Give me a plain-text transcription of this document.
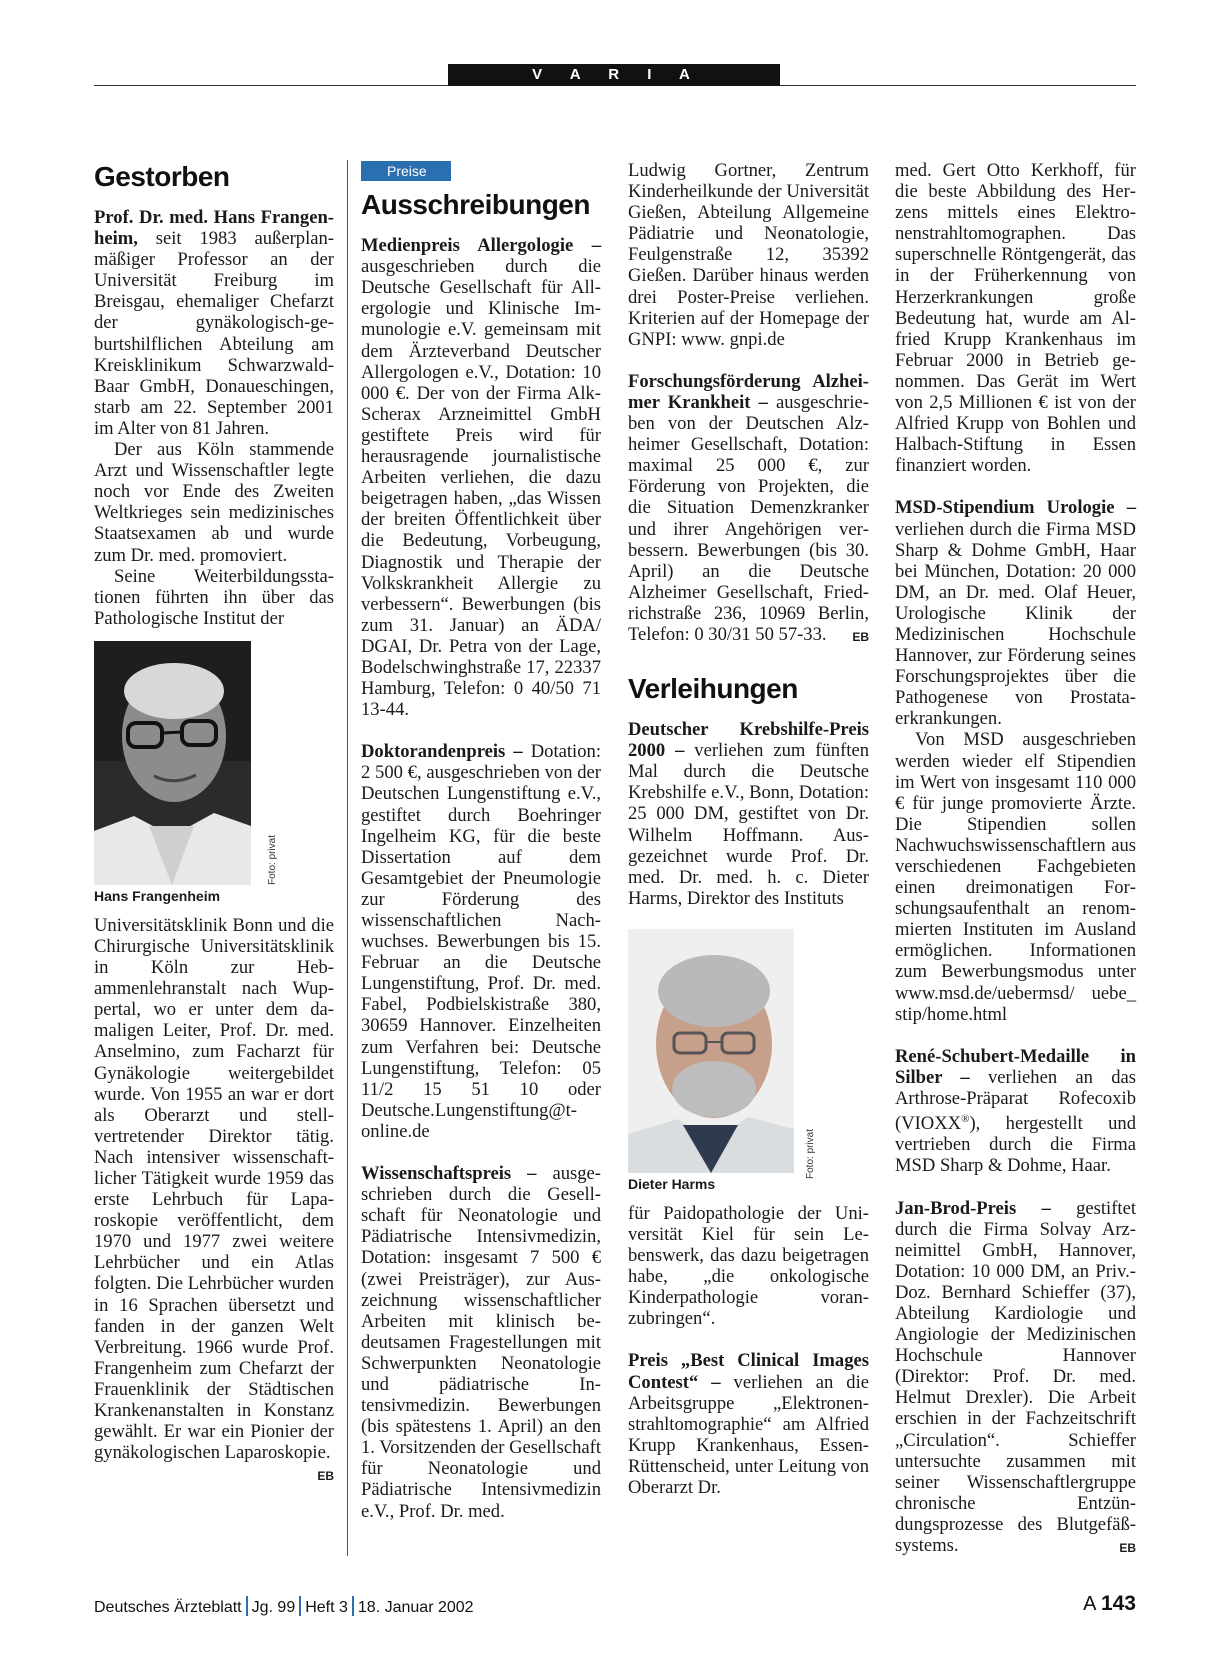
V A R I A
Gestorben

Prof. Dr. med. Hans Frangenheim, seit 1983 außerplanmäßiger Professor an der Universität Freiburg im Breisgau, ehemaliger Chefarzt der gynäkologisch-geburtshilflichen Abteilung am Kreisklinikum Schwarzwald-Baar GmbH, Donaueschingen, starb am 22. September 2001 im Alter von 81 Jahren.

Der aus Köln stammende Arzt und Wissenschaftler legte noch vor Ende des Zweiten Weltkrieges sein medizinisches Staatsexamen ab und wurde zum Dr. med. promoviert.

Seine Weiterbildungsstationen führten ihn über das Pathologische Institut der

Foto: privat
Hans Frangenheim

Universitätsklinik Bonn und die Chirurgische Universitätsklinik in Köln zur Hebammenlehranstalt nach Wuppertal, wo er unter dem damaligen Leiter, Prof. Dr. med. Anselmino, zum Facharzt für Gynäkologie weitergebildet wurde. Von 1955 an war er dort als Oberarzt und stellvertretender Direktor tätig. Nach intensiver wissenschaftlicher Tätigkeit wurde 1959 das erste Lehrbuch für Laparoskopie veröffentlicht, dem 1970 und 1977 zwei weitere Lehrbücher und ein Atlas folgten. Die Lehrbücher wurden in 16 Sprachen übersetzt und fanden in der ganzen Welt Verbreitung. 1966 wurde Prof. Frangenheim zum Chefarzt der Frauenklinik der Städtischen Krankenanstalten in Konstanz gewählt. Er war ein Pionier der gynäkologischen Laparoskopie.
EB

Preise
Ausschreibungen

Medienpreis Allergologie – ausgeschrieben durch die Deutsche Gesellschaft für Allergologie und Klinische Immunologie e.V. gemeinsam mit dem Ärzteverband Deutscher Allergologen e.V., Dotation: 10 000 €. Der von der Firma Alk-Scherax Arzneimittel GmbH gestiftete Preis wird für herausragende journalistische Arbeiten verliehen, die dazu beigetragen haben, „das Wissen der breiten Öffentlichkeit über die Bedeutung, Vorbeugung, Diagnostik und Therapie der Volkskrankheit Allergie zu verbessern“. Bewerbungen (bis zum 31. Januar) an ÄDA/ DGAI, Dr. Petra von der Lage, Bodelschwinghstraße 17, 22337 Hamburg, Telefon: 0 40/50 71 13-44.

Doktorandenpreis – Dotation: 2 500 €, ausgeschrieben von der Deutschen Lungenstiftung e.V., gestiftet durch Boehringer Ingelheim KG, für die beste Dissertation auf dem Gesamtgebiet der Pneumologie zur Förderung des wissenschaftlichen Nachwuchses. Bewerbungen bis 15. Februar an die Deutsche Lungenstiftung, Prof. Dr. med. Fabel, Podbielskistraße 380, 30659 Hannover. Einzelheiten zum Verfahren bei: Deutsche Lungenstiftung, Telefon: 05 11/2 15 51 10 oder Deutsche.Lungenstiftung@t-online.de

Wissenschaftspreis – ausgeschrieben durch die Gesellschaft für Neonatologie und Pädiatrische Intensivmedizin, Dotation: insgesamt 7 500 € (zwei Preisträger), zur Auszeichnung wissenschaftlicher Arbeiten mit klinisch bedeutsamen Fragestellungen mit Schwerpunkten Neonatologie und pädiatrische Intensivmedizin. Bewerbungen (bis spätestens 1. April) an den 1. Vorsitzenden der Gesellschaft für Neonatologie und Pädiatrische Intensivmedizin e.V., Prof. Dr. med.

Ludwig Gortner, Zentrum Kinderheilkunde der Universität Gießen, Abteilung Allgemeine Pädiatrie und Neonatologie, Feulgenstraße 12, 35392 Gießen. Darüber hinaus werden drei Poster-Preise verliehen. Kriterien auf der Homepage der GNPI: www. gnpi.de

Forschungsförderung Alzheimer Krankheit – ausgeschrieben von der Deutschen Alzheimer Gesellschaft, Dotation: maximal 25 000 €, zur Förderung von Projekten, die die Situation Demenzkranker und ihrer Angehörigen verbessern. Bewerbungen (bis 30. April) an die Deutsche Alzheimer Gesellschaft, Friedrichstraße 236, 10969 Berlin, Telefon: 0 30/31 50 57-33. EB

Verleihungen

Deutscher Krebshilfe-Preis 2000 – verliehen zum fünften Mal durch die Deutsche Krebshilfe e.V., Bonn, Dotation: 25 000 DM, gestiftet von Dr. Wilhelm Hoffmann. Ausgezeichnet wurde Prof. Dr. med. Dr. med. h. c. Dieter Harms, Direktor des Instituts

Foto: privat
Dieter Harms

für Paidopathologie der Universität Kiel für sein Lebenswerk, das dazu beigetragen habe, „die onkologische Kinderpathologie voranzubringen“.

Preis „Best Clinical Images Contest“ – verliehen an die Arbeitsgruppe „Elektronenstrahltomographie“ am Alfried Krupp Krankenhaus, Essen-Rüttenscheid, unter Leitung von Oberarzt Dr.

med. Gert Otto Kerkhoff, für die beste Abbildung des Herzens mittels eines Elektronenstrahltomographen. Das superschnelle Röntgengerät, das in der Früherkennung von Herzerkrankungen große Bedeutung hat, wurde am Alfried Krupp Krankenhaus im Februar 2000 in Betrieb genommen. Das Gerät im Wert von 2,5 Millionen € ist von der Alfried Krupp von Bohlen und Halbach-Stiftung in Essen finanziert worden.

MSD-Stipendium Urologie – verliehen durch die Firma MSD Sharp & Dohme GmbH, Haar bei München, Dotation: 20 000 DM, an Dr. med. Olaf Heuer, Urologische Klinik der Medizinischen Hochschule Hannover, zur Förderung seines Forschungsprojektes über die Pathogenese von Prostataerkrankungen.

Von MSD ausgeschrieben werden wieder elf Stipendien im Wert von insgesamt 110 000 € für junge promovierte Ärzte. Die Stipendien sollen Nachwuchswissenschaftlern aus verschiedenen Fachgebieten einen dreimonatigen Forschungsaufenthalt an renommierten Instituten im Ausland ermöglichen. Informationen zum Bewerbungsmodus unter www.msd.de/uebermsd/ uebe_ stip/home.html

René-Schubert-Medaille in Silber – verliehen an das Arthrose-Präparat Rofecoxib (VIOXX®), hergestellt und vertrieben durch die Firma MSD Sharp & Dohme, Haar.

Jan-Brod-Preis – gestiftet durch die Firma Solvay Arzneimittel GmbH, Hannover, Dotation: 10 000 DM, an Priv.-Doz. Bernhard Schieffer (37), Abteilung Kardiologie und Angiologie der Medizinischen Hochschule Hannover (Direktor: Prof. Dr. med. Helmut Drexler). Die Arbeit erschien in der Fachzeitschrift „Circulation“. Schieffer untersuchte zusammen mit seiner Wissenschaftlergruppe chronische Entzündungsprozesse des Blutgefäßsystems.	EB

Deutsches Ärzteblatt Jg. 99 Heft 3 18. Januar 2002	A 143
